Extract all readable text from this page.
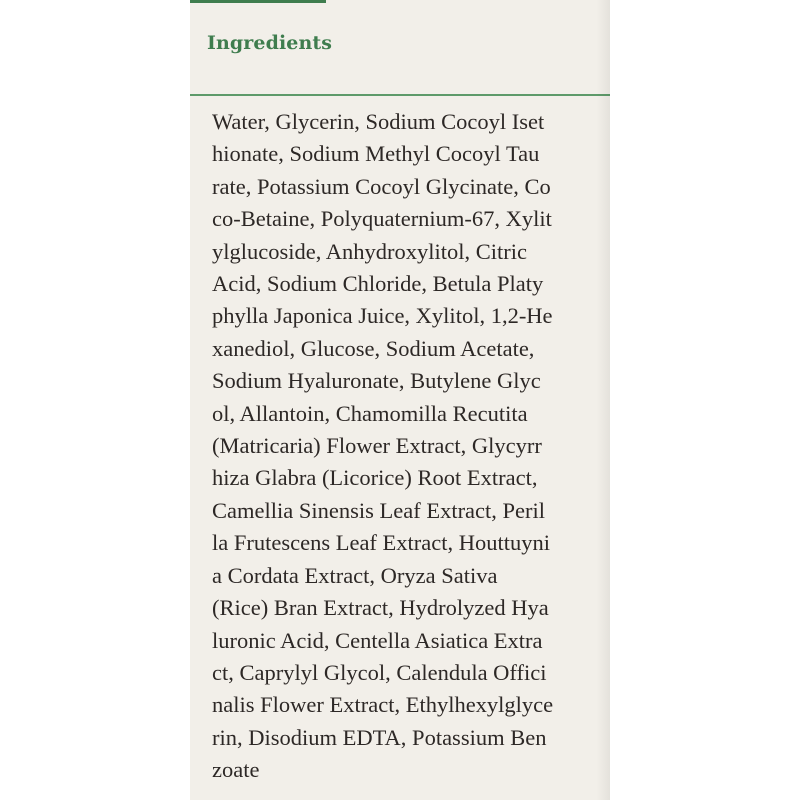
Ingredients

Water, Glycerin, Sodium Cocoyl Iset
hionate, Sodium Methyl Cocoyl Tau
rate, Potassium Cocoyl Glycinate, Co
co-Betaine, Polyquaternium-67, Xylit
ylglucoside, Anhydroxylitol, Citric
Acid, Sodium Chloride, Betula Platy
phylla Japonica Juice, Xylitol, 1,2-He
xanediol, Glucose, Sodium Acetate,
Sodium Hyaluronate, Butylene Glyc
ol, Allantoin, Chamomilla Recutita
(Matricaria) Flower Extract, Glycyrr
hiza Glabra (Licorice) Root Extract,
Camellia Sinensis Leaf Extract, Peril
la Frutescens Leaf Extract, Houttuyni
a Cordata Extract, Oryza Sativa
(Rice) Bran Extract, Hydrolyzed Hya
luronic Acid, Centella Asiatica Extra
ct, Caprylyl Glycol, Calendula Offici
nalis Flower Extract, Ethylhexylglyce
rin, Disodium EDTA, Potassium Ben
zoate
